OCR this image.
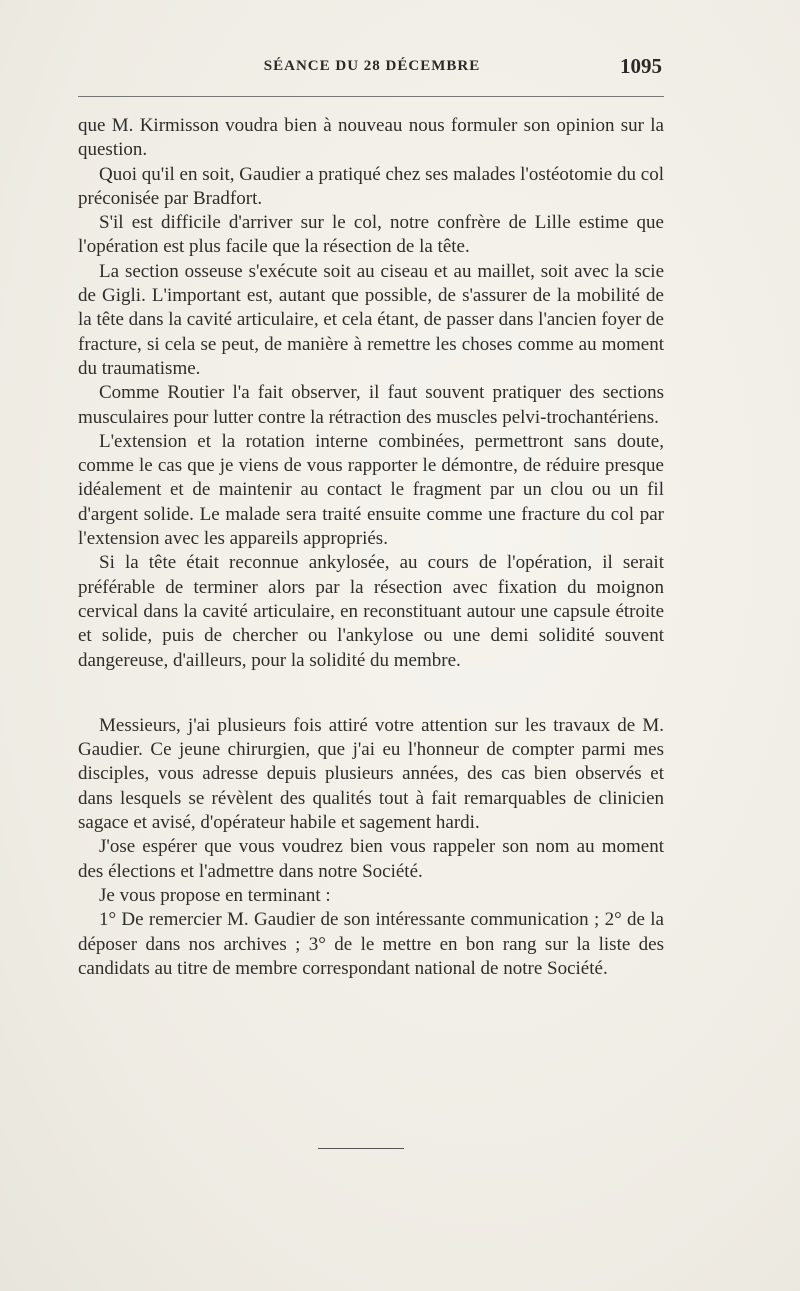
SÉANCE DU 28 DÉCEMBRE	1095

que M. Kirmisson voudra bien à nouveau nous formuler son opinion sur la question.

Quoi qu'il en soit, Gaudier a pratiqué chez ses malades l'ostéotomie du col préconisée par Bradfort.

S'il est difficile d'arriver sur le col, notre confrère de Lille estime que l'opération est plus facile que la résection de la tête.

La section osseuse s'exécute soit au ciseau et au maillet, soit avec la scie de Gigli. L'important est, autant que possible, de s'assurer de la mobilité de la tête dans la cavité articulaire, et cela étant, de passer dans l'ancien foyer de fracture, si cela se peut, de manière à remettre les choses comme au moment du traumatisme.

Comme Routier l'a fait observer, il faut souvent pratiquer des sections musculaires pour lutter contre la rétraction des muscles pelvi-trochantériens.

L'extension et la rotation interne combinées, permettront sans doute, comme le cas que je viens de vous rapporter le démontre, de réduire presque idéalement et de maintenir au contact le fragment par un clou ou un fil d'argent solide. Le malade sera traité ensuite comme une fracture du col par l'extension avec les appareils appropriés.

Si la tête était reconnue ankylosée, au cours de l'opération, il serait préférable de terminer alors par la résection avec fixation du moignon cervical dans la cavité articulaire, en reconstituant autour une capsule étroite et solide, puis de chercher ou l'ankylose ou une demi solidité souvent dangereuse, d'ailleurs, pour la solidité du membre.

Messieurs, j'ai plusieurs fois attiré votre attention sur les travaux de M. Gaudier. Ce jeune chirurgien, que j'ai eu l'honneur de compter parmi mes disciples, vous adresse depuis plusieurs années, des cas bien observés et dans lesquels se révèlent des qualités tout à fait remarquables de clinicien sagace et avisé, d'opérateur habile et sagement hardi.

J'ose espérer que vous voudrez bien vous rappeler son nom au moment des élections et l'admettre dans notre Société.

Je vous propose en terminant :

1° De remercier M. Gaudier de son intéressante communication ; 2° de la déposer dans nos archives ; 3° de le mettre en bon rang sur la liste des candidats au titre de membre correspondant national de notre Société.
